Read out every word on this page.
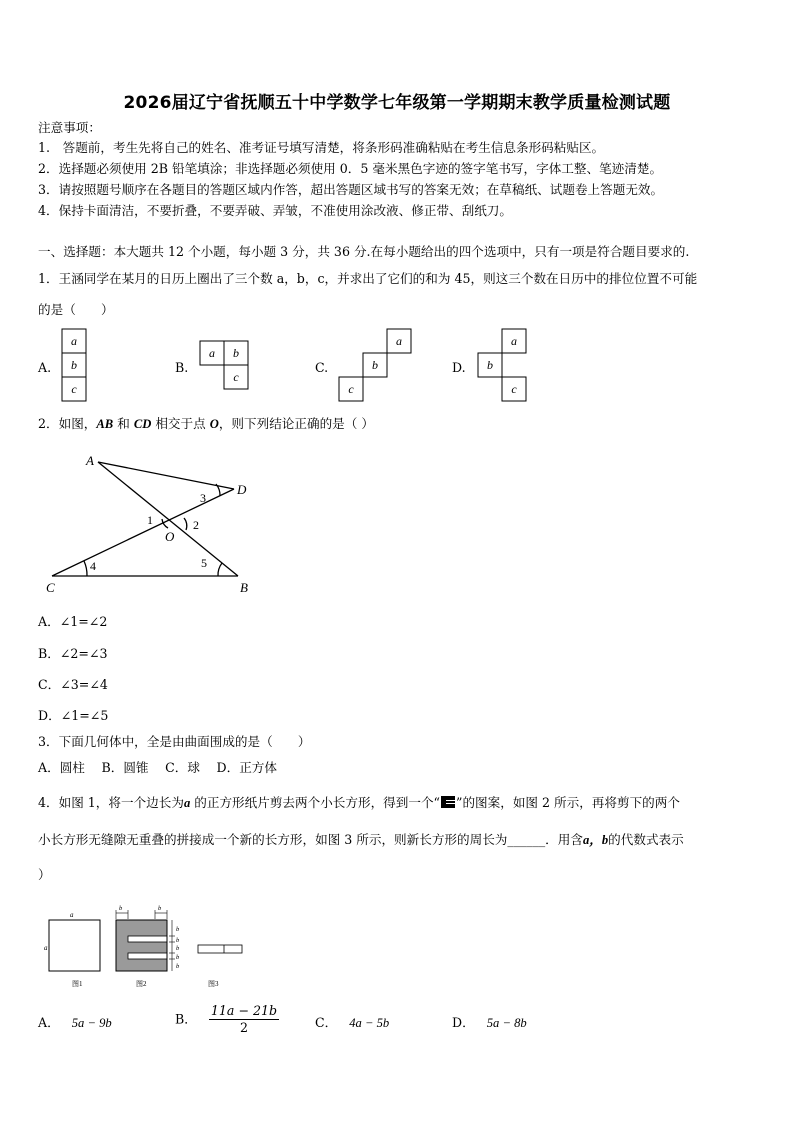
2026届辽宁省抚顺五十中学数学七年级第一学期期末教学质量检测试题
注意事项：
1.　答题前，考生先将自己的姓名、准考证号填写清楚，将条形码准确粘贴在考生信息条形码粘贴区。
2．选择题必须使用 2B 铅笔填涂；非选择题必须使用 0．5 毫米黑色字迹的签字笔书写，字体工整、笔迹清楚。
3．请按照题号顺序在各题目的答题区域内作答，超出答题区域书写的答案无效；在草稿纸、试题卷上答题无效。
4．保持卡面清洁，不要折叠，不要弄破、弄皱，不准使用涂改液、修正带、刮纸刀。
一、选择题：本大题共 12 个小题，每小题 3 分，共 36 分.在每小题给出的四个选项中，只有一项是符合题目要求的.
1．王涵同学在某月的日历上圈出了三个数 a，b，c，并求出了它们的和为 45，则这三个数在日历中的排位位置不可能
的是（　　）
A.	B.	C.	D.
a
b
c
a b
c
a
b
c
a
b
c
2．如图，AB 和 CD 相交于点 O，则下列结论正确的是（ ）
A
D
O
C	B
3
1	2
4	5
A．∠1=∠2
B．∠2=∠3
C．∠3=∠4
D．∠1=∠5
3．下面几何体中，全是由曲面围成的是（　　）
A．圆柱　 B．圆锥　 C．球　 D．正方体
4．如图 1，将一个边长为a 的正方形纸片剪去两个小长方形，得到一个“ ”的图案，如图 2 所示，再将剪下的两个
小长方形无缝隙无重叠的拼接成一个新的长方形，如图 3 所示，则新长方形的周长为______．用含a，b的代数式表示
）
a
a
图1
b	b
b
b
b
b
b
图2	图3
A． 5a − 9b	B． $\frac{11a - 21b}{2}$	C． 4a − 5b	D． 5a − 8b
